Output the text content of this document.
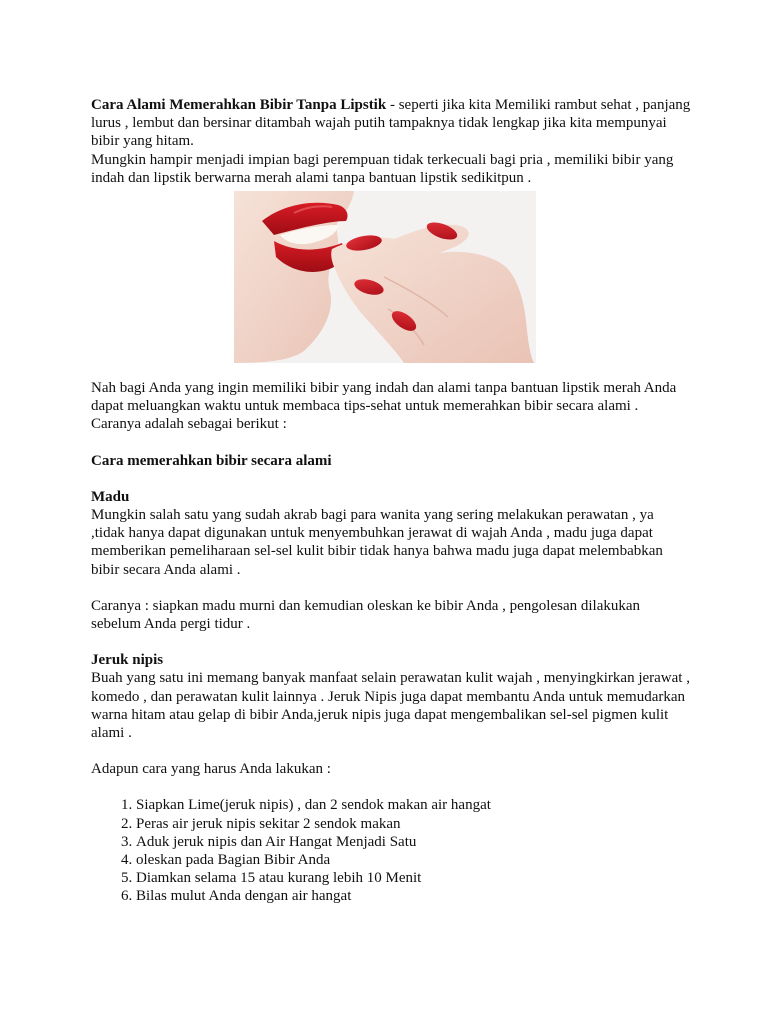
Cara Alami Memerahkan Bibir Tanpa Lipstik - seperti jika kita Memiliki rambut sehat , panjang lurus , lembut dan bersinar ditambah wajah putih tampaknya tidak lengkap jika kita mempunyai bibir yang hitam.

Mungkin hampir menjadi impian bagi perempuan tidak terkecuali bagi pria , memiliki bibir yang indah dan lipstik berwarna merah alami tanpa bantuan lipstik sedikitpun .

Nah bagi Anda yang ingin memiliki bibir yang indah dan alami tanpa bantuan lipstik merah Anda dapat meluangkan waktu untuk membaca tips-sehat untuk memerahkan bibir secara alami . Caranya adalah sebagai berikut :

Cara memerahkan bibir secara alami
Madu

Mungkin salah satu yang sudah akrab bagi para wanita yang sering melakukan perawatan , ya ,tidak hanya dapat digunakan untuk menyembuhkan jerawat di wajah Anda , madu juga dapat memberikan pemeliharaan sel-sel kulit bibir tidak hanya bahwa madu juga dapat melembabkan bibir secara Anda alami .

Caranya : siapkan madu murni dan kemudian oleskan ke bibir Anda , pengolesan dilakukan sebelum Anda pergi tidur .

Jeruk nipis

Buah yang satu ini memang banyak manfaat selain perawatan kulit wajah , menyingkirkan jerawat , komedo , dan perawatan kulit lainnya . Jeruk Nipis juga dapat membantu Anda untuk memudarkan warna hitam atau gelap di bibir Anda,jeruk nipis juga dapat mengembalikan sel-sel pigmen kulit alami .

Adapun cara yang harus Anda lakukan :

1. Siapkan Lime(jeruk nipis) , dan 2 sendok makan air hangat
2. Peras air jeruk nipis sekitar 2 sendok makan
3. Aduk jeruk nipis dan Air Hangat Menjadi Satu
4. oleskan pada Bagian Bibir Anda
5. Diamkan selama 15 atau kurang lebih 10 Menit
6. Bilas mulut Anda dengan air hangat
